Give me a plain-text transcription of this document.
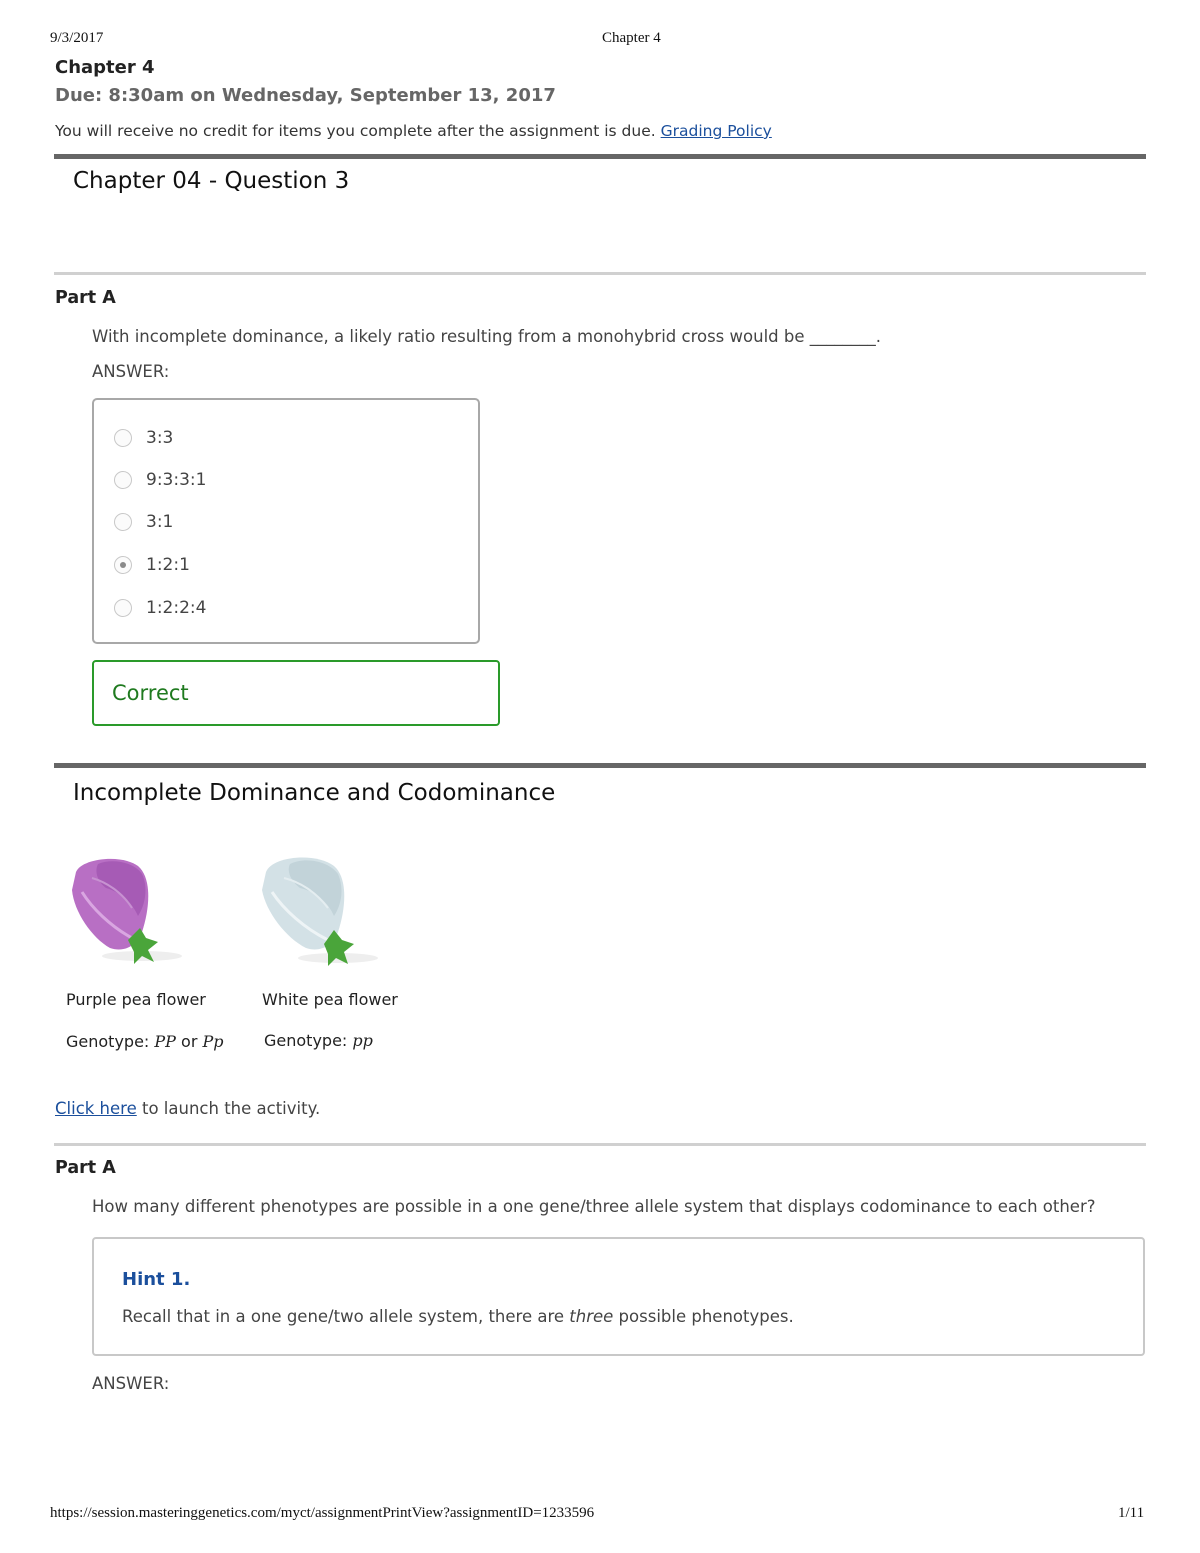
9/3/2017	Chapter 4
Chapter 4
Due: 8:30am on Wednesday, September 13, 2017
You will receive no credit for items you complete after the assignment is due. Grading Policy
Chapter 04 - Question 3
Part A
With incomplete dominance, a likely ratio resulting from a monohybrid cross would be ________.
ANSWER:
3:3
9:3:3:1
3:1
1:2:1
1:2:2:4
Correct
Incomplete Dominance and Codominance
Purple pea flower
Genotype: PP or Pp
White pea flower
Genotype: pp
Click here to launch the activity.
Part A
How many different phenotypes are possible in a one gene/three allele system that displays codominance to each other?
Hint 1.
Recall that in a one gene/two allele system, there are three possible phenotypes.
ANSWER:
https://session.masteringgenetics.com/myct/assignmentPrintView?assignmentID=1233596	1/11
